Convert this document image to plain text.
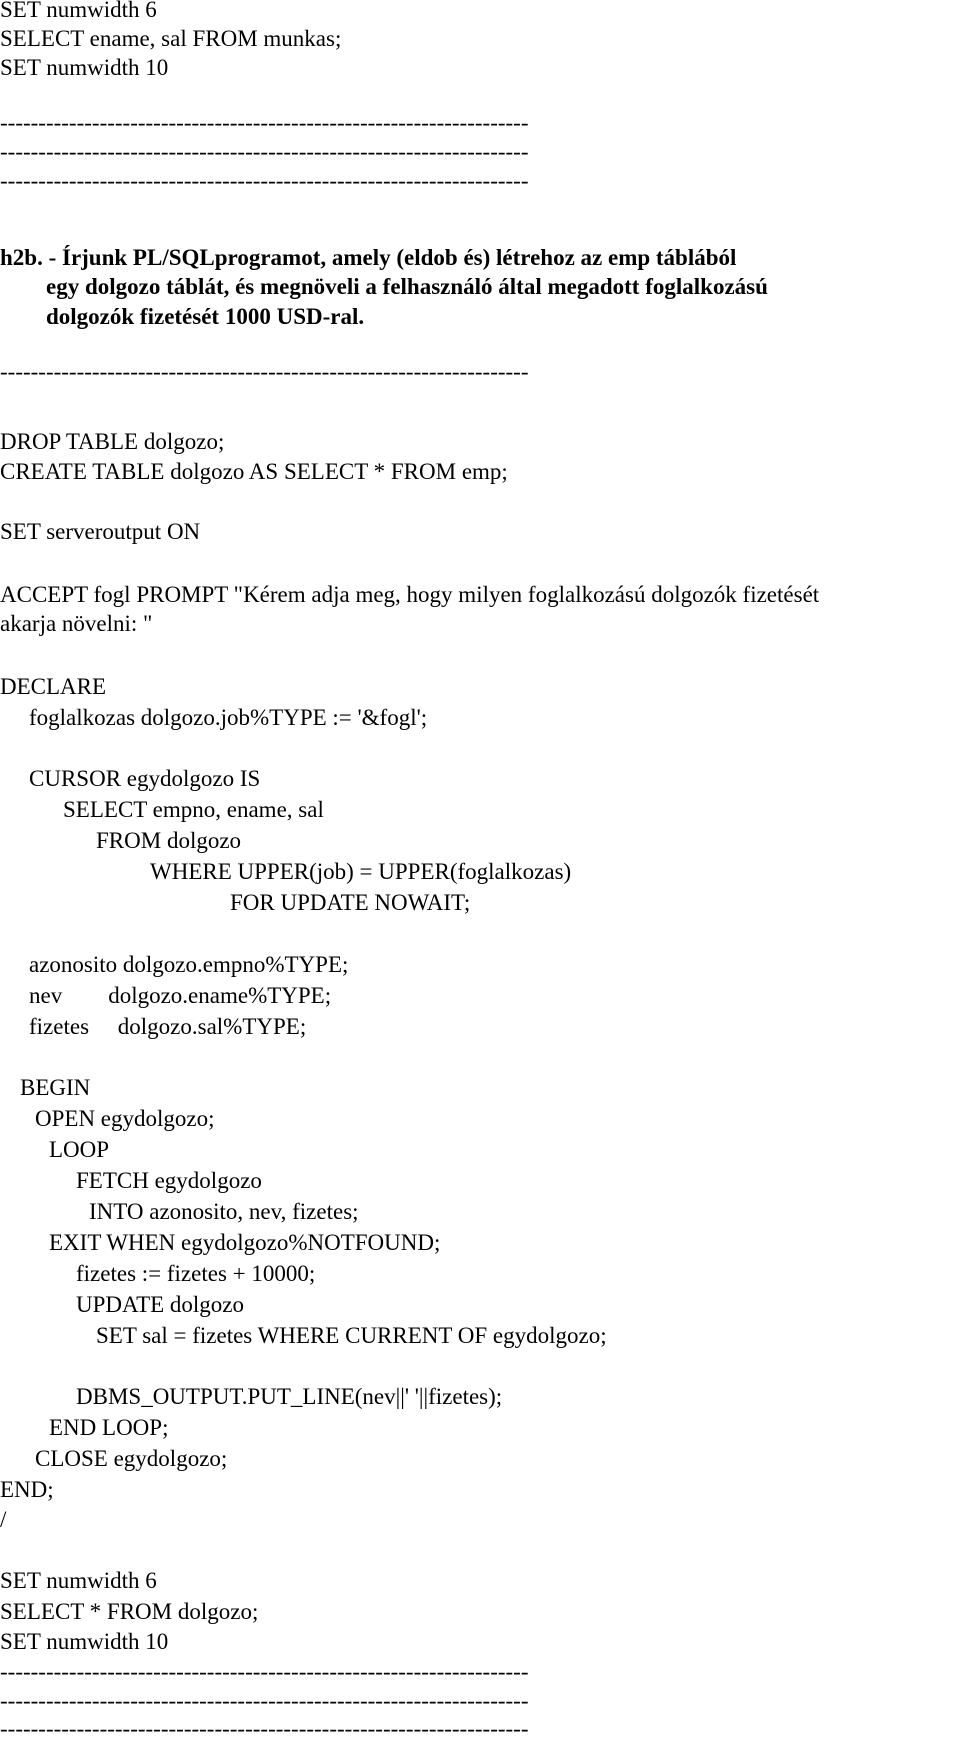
SET numwidth 6
SELECT ename, sal FROM munkas;
SET numwidth 10
---------------------------------------------------------------------
---------------------------------------------------------------------
---------------------------------------------------------------------
h2b. - Írjunk PL/SQLprogramot, amely (eldob és) létrehoz az emp táblából
egy dolgozo táblát, és megnöveli a felhasználó által megadott foglalkozású
dolgozók fizetését 1000 USD-ral.
---------------------------------------------------------------------
DROP TABLE dolgozo;
CREATE TABLE dolgozo AS SELECT * FROM emp;
SET serveroutput ON
ACCEPT fogl PROMPT "Kérem adja meg, hogy milyen foglalkozású dolgozók fizetését
akarja növelni: "
DECLARE
foglalkozas dolgozo.job%TYPE := '&fogl';
CURSOR egydolgozo IS
SELECT empno, ename, sal
FROM dolgozo
WHERE UPPER(job) = UPPER(foglalkozas)
FOR UPDATE NOWAIT;
azonosito dolgozo.empno%TYPE;
nev        dolgozo.ename%TYPE;
fizetes     dolgozo.sal%TYPE;
BEGIN
OPEN egydolgozo;
LOOP
FETCH egydolgozo
INTO azonosito, nev, fizetes;
EXIT WHEN egydolgozo%NOTFOUND;
fizetes := fizetes + 10000;
UPDATE dolgozo
SET sal = fizetes WHERE CURRENT OF egydolgozo;
DBMS_OUTPUT.PUT_LINE(nev||' '||fizetes);
END LOOP;
CLOSE egydolgozo;
END;
/
SET numwidth 6
SELECT * FROM dolgozo;
SET numwidth 10
---------------------------------------------------------------------
---------------------------------------------------------------------
---------------------------------------------------------------------
